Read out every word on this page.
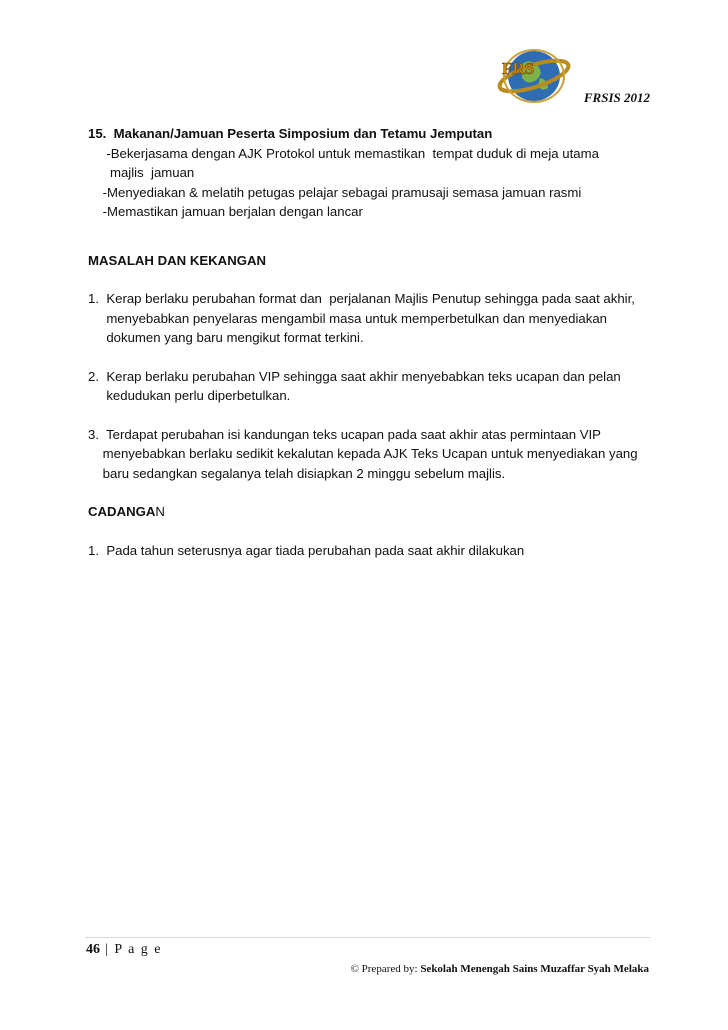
FRS
FRSIS 2012
15.  Makanan/Jamuan Peserta Simposium dan Tetamu Jemputan
-Bekerjasama dengan AJK Protokol untuk memastikan  tempat duduk di meja utama
majlis  jamuan
-Menyediakan & melatih petugas pelajar sebagai pramusaji semasa jamuan rasmi
-Memastikan jamuan berjalan dengan lancar
MASALAH DAN KEKANGAN
1.  Kerap berlaku perubahan format dan  perjalanan Majlis Penutup sehingga pada saat akhir,
menyebabkan penyelaras mengambil masa untuk memperbetulkan dan menyediakan
dokumen yang baru mengikut format terkini.
2.  Kerap berlaku perubahan VIP sehingga saat akhir menyebabkan teks ucapan dan pelan
kedudukan perlu diperbetulkan.
3.  Terdapat perubahan isi kandungan teks ucapan pada saat akhir atas permintaan VIP
menyebabkan berlaku sedikit kekalutan kepada AJK Teks Ucapan untuk menyediakan yang
baru sedangkan segalanya telah disiapkan 2 minggu sebelum majlis.
CADANGAN
1.  Pada tahun seterusnya agar tiada perubahan pada saat akhir dilakukan
46 | P a g e
© Prepared by: Sekolah Menengah Sains Muzaffar Syah Melaka
